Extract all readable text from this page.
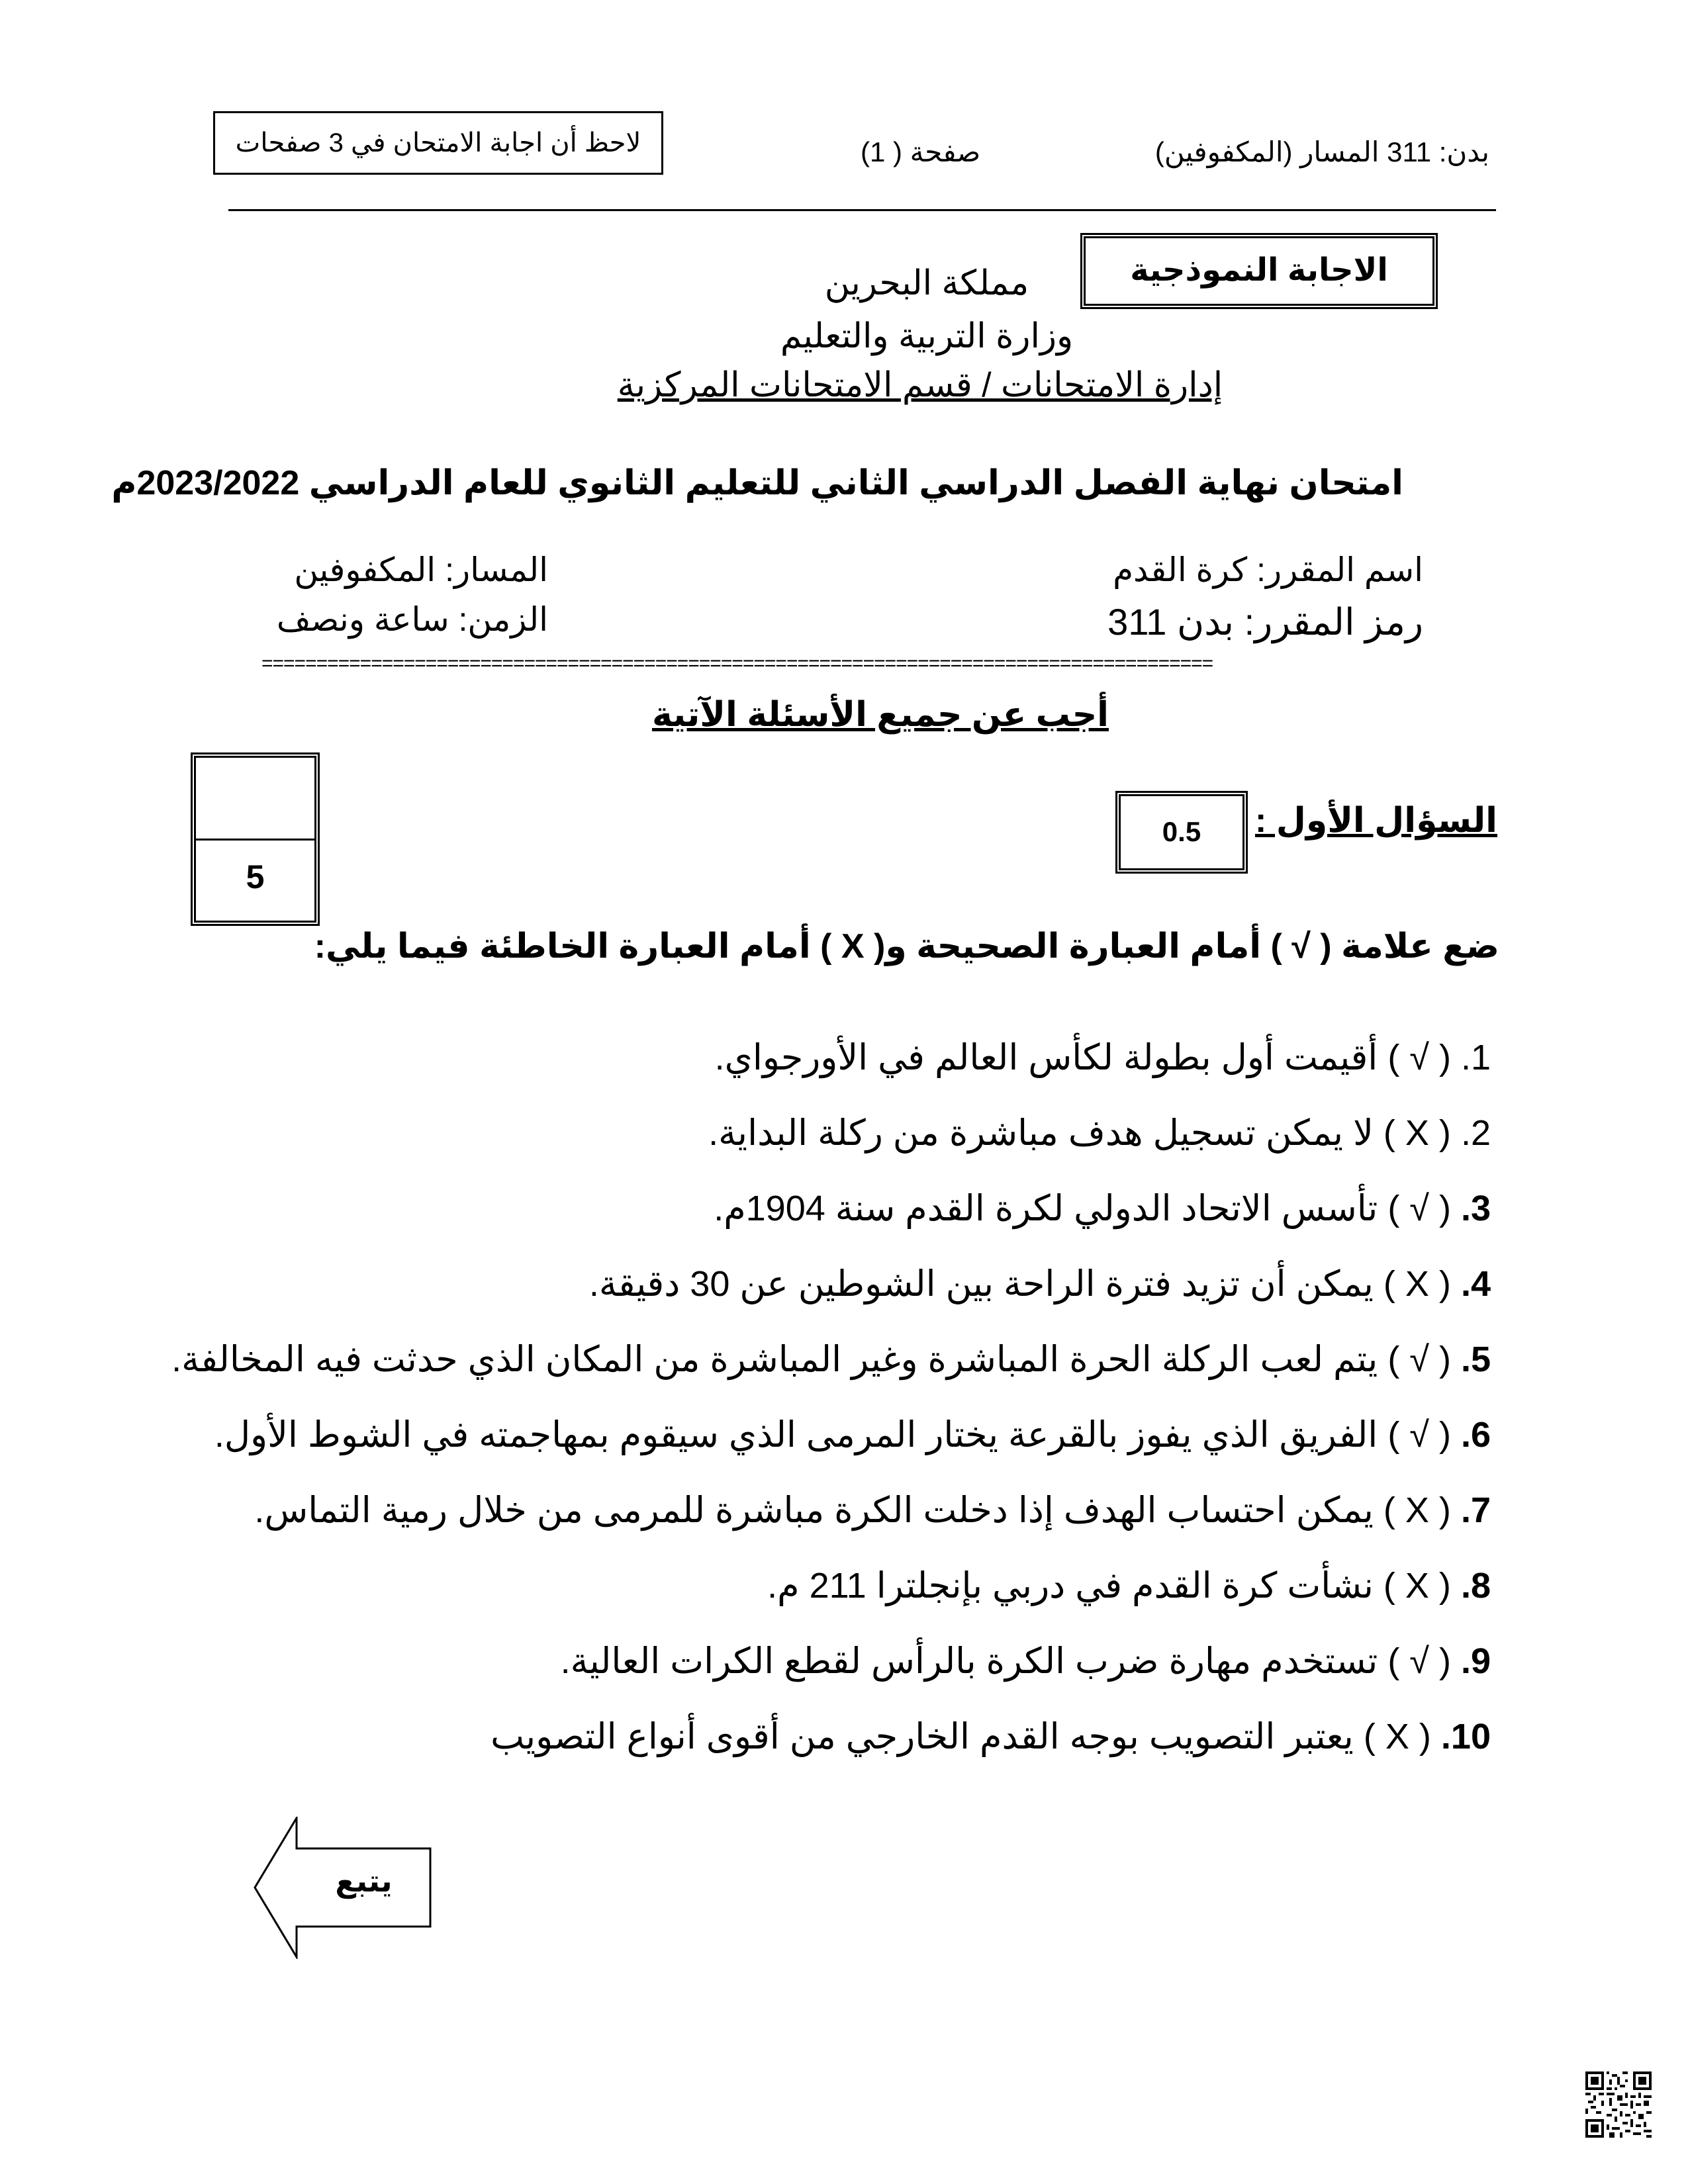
بدن: 311 المسار (المكفوفين)
صفحة ( 1)
لاحظ أن اجابة الامتحان في 3 صفحات
الاجابة النموذجية
مملكة البحرين
وزارة التربية والتعليم
إدارة الامتحانات / قسم الامتحانات المركزية
امتحان نهاية الفصل الدراسي الثاني للتعليم الثانوي للعام الدراسي 2023/2022م
اسم المقرر: كرة القدم
رمز المقرر: بدن 311
المسار: المكفوفين
الزمن: ساعة ونصف
=======================================================================================
أجب عن جميع الأسئلة الآتية
5
السؤال الأول :
0.5
ضع علامة ( √ ) أمام العبارة الصحيحة و( X ) أمام العبارة الخاطئة فيما يلي:
1. ( √ ) أقيمت أول بطولة لكأس العالم في الأورجواي.
2. ( X ) لا يمكن تسجيل هدف مباشرة من ركلة البداية.
3. ( √ ) تأسس الاتحاد الدولي لكرة القدم سنة 1904م.
4. ( X ) يمكن أن تزيد فترة الراحة بين الشوطين عن 30 دقيقة.
5. ( √ ) يتم لعب الركلة الحرة المباشرة وغير المباشرة من المكان الذي حدثت فيه المخالفة.
6. ( √ ) الفريق الذي يفوز بالقرعة يختار المرمى الذي سيقوم بمهاجمته في الشوط الأول.
7. ( X ) يمكن احتساب الهدف إذا دخلت الكرة مباشرة للمرمى من خلال رمية التماس.
8. ( X ) نشأت كرة القدم في دربي بإنجلترا 211 م.
9. ( √ ) تستخدم مهارة ضرب الكرة بالرأس لقطع الكرات العالية.
10. ( X ) يعتبر التصويب بوجه القدم الخارجي من أقوى أنواع التصويب
يتبع
